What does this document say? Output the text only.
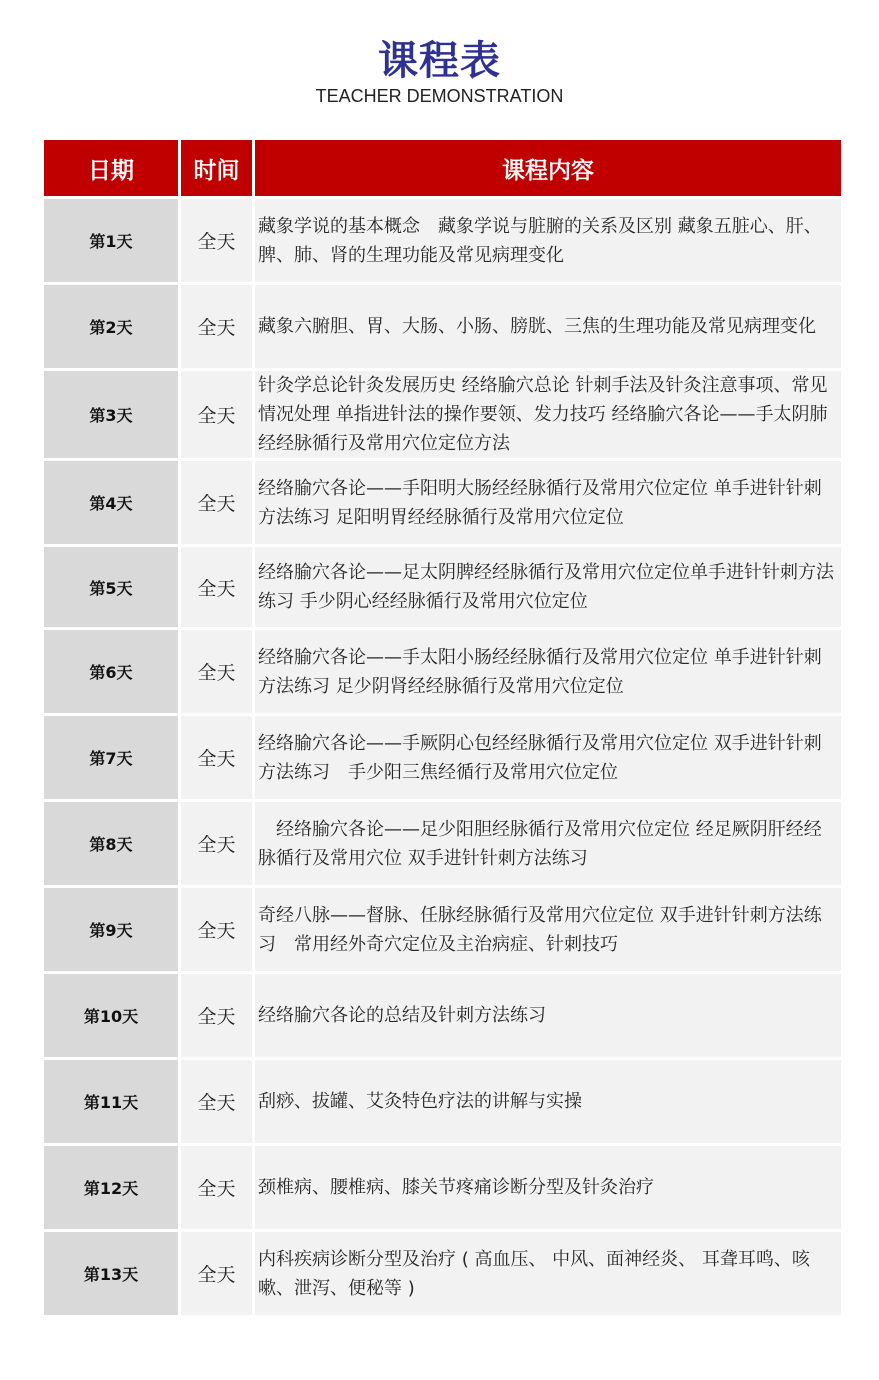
课程表
TEACHER DEMONSTRATION
日期	时间	课程内容
第1天	全天	藏象学说的基本概念　藏象学说与脏腑的关系及区别 藏象五脏心、肝、脾、肺、肾的生理功能及常见病理变化
第2天	全天	藏象六腑胆、胃、大肠、小肠、膀胱、三焦的生理功能及常见病理变化
第3天	全天	针灸学总论针灸发展历史 经络腧穴总论 针刺手法及针灸注意事项、常见情况处理 单指进针法的操作要领、发力技巧 经络腧穴各论——手太阴肺经经脉循行及常用穴位定位方法
第4天	全天	经络腧穴各论——手阳明大肠经经脉循行及常用穴位定位 单手进针针刺方法练习 足阳明胃经经脉循行及常用穴位定位
第5天	全天	经络腧穴各论——足太阴脾经经脉循行及常用穴位定位单手进针针刺方法练习 手少阴心经经脉循行及常用穴位定位
第6天	全天	经络腧穴各论——手太阳小肠经经脉循行及常用穴位定位 单手进针针刺方法练习 足少阴肾经经脉循行及常用穴位定位
第7天	全天	经络腧穴各论——手厥阴心包经经脉循行及常用穴位定位 双手进针针刺方法练习　手少阳三焦经循行及常用穴位定位
第8天	全天	　经络腧穴各论——足少阳胆经脉循行及常用穴位定位 经足厥阴肝经经脉循行及常用穴位 双手进针针刺方法练习
第9天	全天	奇经八脉——督脉、任脉经脉循行及常用穴位定位 双手进针针刺方法练习　常用经外奇穴定位及主治病症、针刺技巧
第10天	全天	经络腧穴各论的总结及针刺方法练习
第11天	全天	刮痧、拔罐、艾灸特色疗法的讲解与实操
第12天	全天	颈椎病、腰椎病、膝关节疼痛诊断分型及针灸治疗
第13天	全天	内科疾病诊断分型及治疗 ( 高血压、 中风、面神经炎、 耳聋耳鸣、咳嗽、泄泻、便秘等 )
